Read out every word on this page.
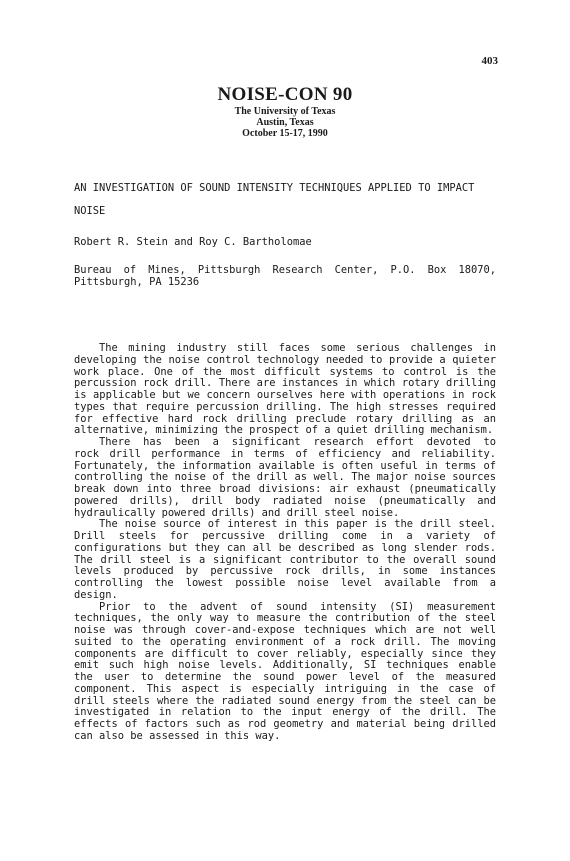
403
NOISE-CON 90
The University of Texas
Austin, Texas
October 15-17, 1990

AN INVESTIGATION OF SOUND INTENSITY TECHNIQUES APPLIED TO IMPACT

NOISE

Robert R. Stein and Roy C. Bartholomae
Bureau of Mines, Pittsburgh Research Center, P.O. Box 18070,
Pittsburgh, PA 15236
The mining industry still faces some serious challenges in
developing the noise control technology needed to provide a quieter
work place. One of the most difficult systems to control is the
percussion rock drill. There are instances in which rotary drilling
is applicable but we concern ourselves here with operations in rock
types that require percussion drilling. The high stresses required
for effective hard rock drilling preclude rotary drilling as an
alternative, minimizing the prospect of a quiet drilling mechanism.
There has been a significant research effort devoted to
rock drill performance in terms of efficiency and reliability.
Fortunately, the information available is often useful in terms of
controlling the noise of the drill as well. The major noise sources
break down into three broad divisions: air exhaust (pneumatically
powered drills), drill body radiated noise (pneumatically and
hydraulically powered drills) and drill steel noise.
The noise source of interest in this paper is the drill steel.
Drill steels for percussive drilling come in a variety of
configurations but they can all be described as long slender rods.
The drill steel is a significant contributor to the overall sound
levels produced by percussive rock drills, in some instances
controlling the lowest possible noise level available from a
design.
Prior to the advent of sound intensity (SI) measurement
techniques, the only way to measure the contribution of the steel
noise was through cover-and-expose techniques which are not well
suited to the operating environment of a rock drill. The moving
components are difficult to cover reliably, especially since they
emit such high noise levels. Additionally, SI techniques enable
the user to determine the sound power level of the measured
component. This aspect is especially intriguing in the case of
drill steels where the radiated sound energy from the steel can be
investigated in relation to the input energy of the drill. The
effects of factors such as rod geometry and material being drilled
can also be assessed in this way.
